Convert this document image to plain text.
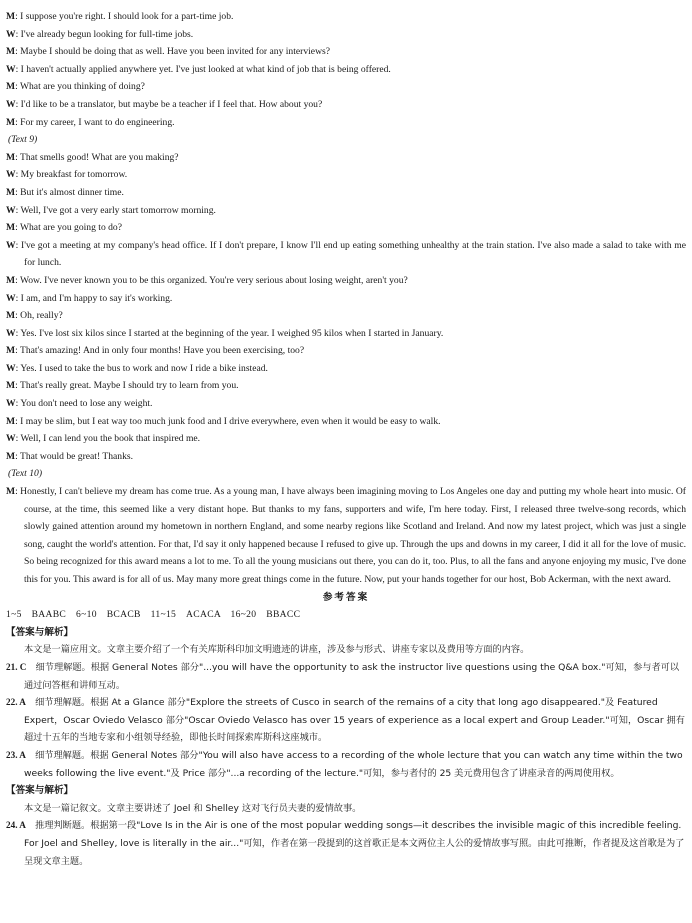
M: I suppose you're right. I should look for a part-time job.
W: I've already begun looking for full-time jobs.
M: Maybe I should be doing that as well. Have you been invited for any interviews?
W: I haven't actually applied anywhere yet. I've just looked at what kind of job that is being offered.
M: What are you thinking of doing?
W: I'd like to be a translator, but maybe be a teacher if I feel that. How about you?
M: For my career, I want to do engineering.
(Text 9)
M: That smells good! What are you making?
W: My breakfast for tomorrow.
M: But it's almost dinner time.
W: Well, I've got a very early start tomorrow morning.
M: What are you going to do?
W: I've got a meeting at my company's head office. If I don't prepare, I know I'll end up eating something unhealthy at the train station. I've also made a salad to take with me for lunch.
M: Wow. I've never known you to be this organized. You're very serious about losing weight, aren't you?
W: I am, and I'm happy to say it's working.
M: Oh, really?
W: Yes. I've lost six kilos since I started at the beginning of the year. I weighed 95 kilos when I started in January.
M: That's amazing! And in only four months! Have you been exercising, too?
W: Yes. I used to take the bus to work and now I ride a bike instead.
M: That's really great. Maybe I should try to learn from you.
W: You don't need to lose any weight.
M: I may be slim, but I eat way too much junk food and I drive everywhere, even when it would be easy to walk.
W: Well, I can lend you the book that inspired me.
M: That would be great! Thanks.
(Text 10)
M: Honestly, I can't believe my dream has come true. As a young man, I have always been imagining moving to Los Angeles one day and putting my whole heart into music. Of course, at the time, this seemed like a very distant hope. But thanks to my fans, supporters and wife, I'm here today. First, I released three twelve-song records, which slowly gained attention around my hometown in northern England, and some nearby regions like Scotland and Ireland. And now my latest project, which was just a single song, caught the world's attention. For that, I'd say it only happened because I refused to give up. Through the ups and downs in my career, I did it all for the love of music. So being recognized for this award means a lot to me. To all the young musicians out there, you can do it, too. Plus, to all the fans and anyone enjoying my music, I've done this for you. This award is for all of us. May many more great things come in the future. Now, put your hands together for our host, Bob Ackerman, with the next award.
参考答案
1~5　BAABC　6~10　BCACB　11~15　ACACA　16~20　BBACC
【答案与解析】
本文是一篇应用文。文章主要介绍了一个有关库斯科印加文明遗迹的讲座，涉及参与形式、讲座专家以及费用等方面的内容。
21. C　 细节理解题。根据 General Notes 部分"...you will have the opportunity to ask the instructor live questions using the Q&A box."可知，参与者可以通过问答框和讲师互动。
22. A　 细节理解题。根据 At a Glance 部分"Explore the streets of Cusco in search of the remains of a city that long ago disappeared."及 Featured Expert，Oscar Oviedo Velasco 部分"Oscar Oviedo Velasco has over 15 years of experience as a local expert and Group Leader."可知，Oscar 拥有超过十五年的当地专家和小组领导经验，即他长时间探索库斯科这座城市。
23. A　 细节理解题。根据 General Notes 部分"You will also have access to a recording of the whole lecture that you can watch any time within the two weeks following the live event."及 Price 部分"...a recording of the lecture."可知，参与者付的 25 美元费用包含了讲座录音的两周使用权。
【答案与解析】
本文是一篇记叙文。文章主要讲述了 Joel 和 Shelley 这对飞行员夫妻的爱情故事。
24. A　 推理判断题。根据第一段"Love Is in the Air is one of the most popular wedding songs—it describes the invisible magic of this incredible feeling. For Joel and Shelley, love is literally in the air..."可知，作者在第一段提到的这首歌正是本文两位主人公的爱情故事写照。由此可推断，作者提及这首歌是为了呈现文章主题。
